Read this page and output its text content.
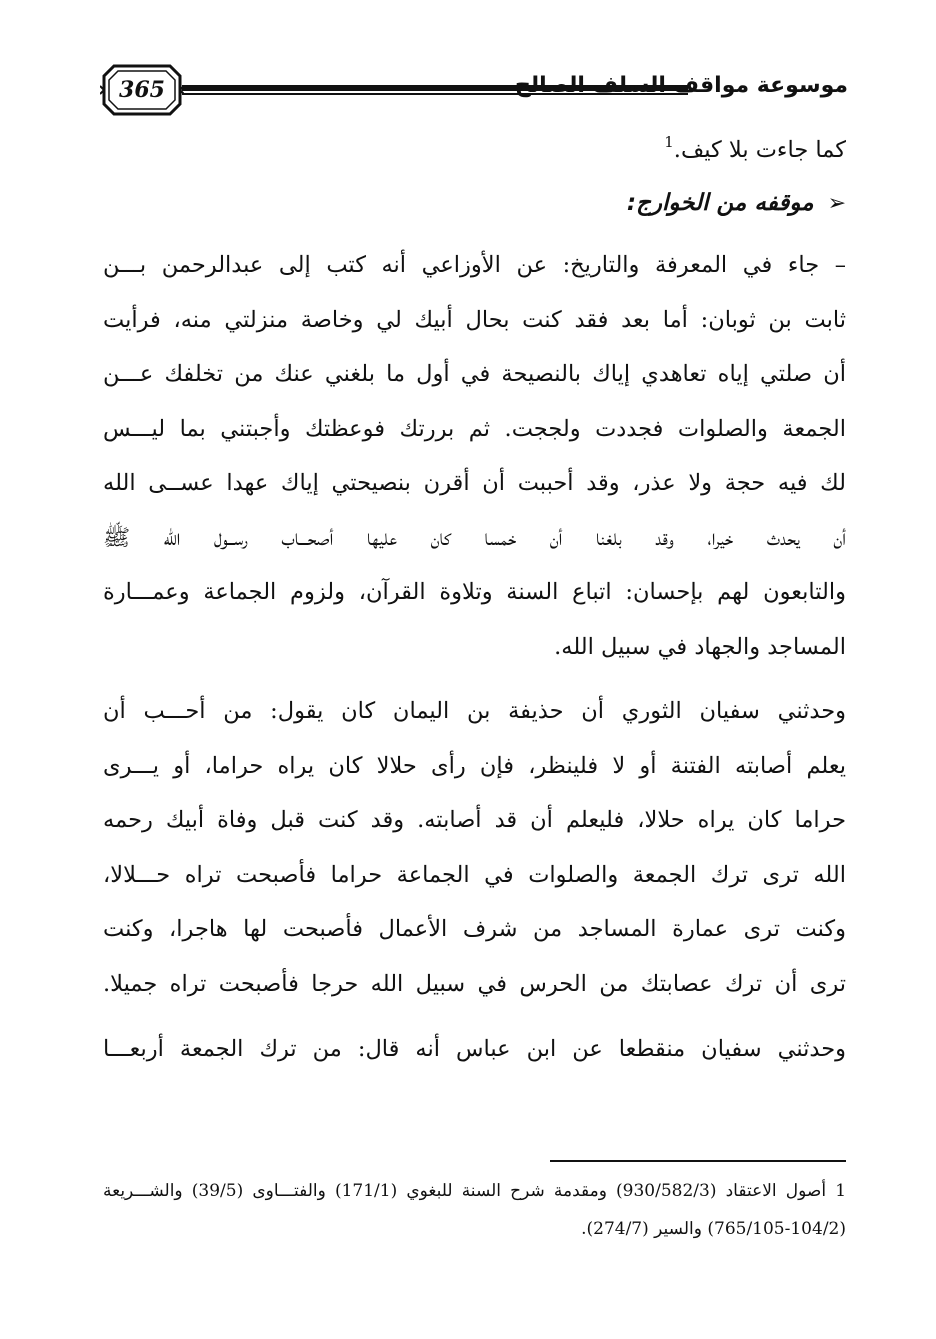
365	موسوعة مواقف السلف الصالح
كما جاءت بلا كيف.$^1$
➢موقفه من الخوارج:
– جاء في المعرفة والتاريخ: عن الأوزاعي أنه كتب إلى عبدالرحمن بـــن
ثابت بن ثوبان: أما بعد فقد كنت بحال أبيك لي وخاصة منزلتي منه، فرأيت
أن صلتي إياه تعاهدي إياك بالنصيحة في أول ما بلغني عنك من تخلفك عـــن
الجمعة والصلوات فجددت ولججت. ثم بررتك فوعظتك وأجبتني بما ليـــس
لك فيه حجة ولا عذر، وقد أحببت أن أقرن بنصيحتي إياك عهدا عســى الله
أن يحدث خيرا، وقد بلغنا أن خمسا كان عليها أصحـــاب رســول الله ﷺ
والتابعون لهم بإحسان: اتباع السنة وتلاوة القرآن، ولزوم الجماعة وعمـــارة
المساجد والجهاد في سبيل الله.
وحدثني سفيان الثوري أن حذيفة بن اليمان كان يقول: من أحـــب أن
يعلم أصابته الفتنة أو لا فلينظر، فإن رأى حلالا كان يراه حراما، أو يـــرى
حراما كان يراه حلالا، فليعلم أن قد أصابته. وقد كنت قبل وفاة أبيك رحمه
الله ترى ترك الجمعة والصلوات في الجماعة حراما فأصبحت تراه حـــلالا،
وكنت ترى عمارة المساجد من شرف الأعمال فأصبحت لها هاجرا، وكنت
ترى أن ترك عصابتك من الحرس في سبيل الله حرجا فأصبحت تراه جميلا.
وحدثني سفيان منقطعا عن ابن عباس أنه قال: من ترك الجمعة أربعـــا
1 أصول الاعتقاد (930/582/3) ومقدمة شرح السنة للبغوي (171/1) والفتـــاوى (39/5) والشـــريعة
(765/105-104/2) والسير (274/7).
